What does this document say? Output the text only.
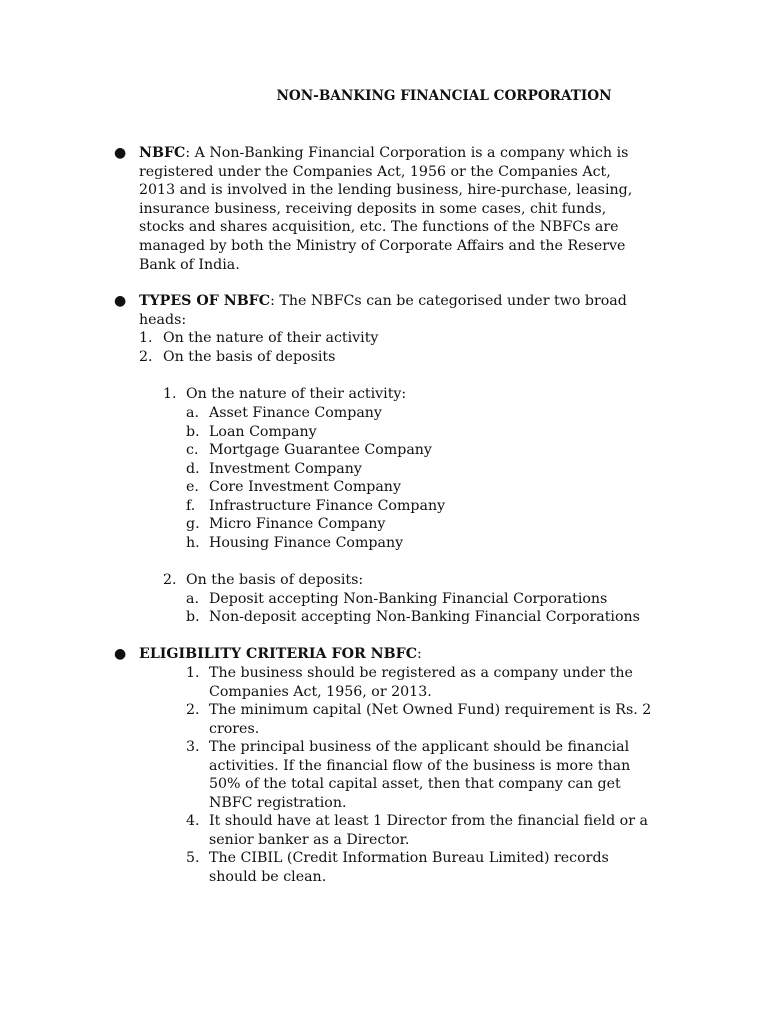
NON-BANKING FINANCIAL CORPORATION
● NBFC: A Non-Banking Financial Corporation is a company which is
registered under the Companies Act, 1956 or the Companies Act,
2013 and is involved in the lending business, hire-purchase, leasing,
insurance business, receiving deposits in some cases, chit funds,
stocks and shares acquisition, etc. The functions of the NBFCs are
managed by both the Ministry of Corporate Affairs and the Reserve
Bank of India.
● TYPES OF NBFC: The NBFCs can be categorised under two broad
heads:
1. On the nature of their activity
2. On the basis of deposits
1. On the nature of their activity:
a. Asset Finance Company
b. Loan Company
c. Mortgage Guarantee Company
d. Investment Company
e. Core Investment Company
f. Infrastructure Finance Company
g. Micro Finance Company
h. Housing Finance Company
2. On the basis of deposits:
a. Deposit accepting Non-Banking Financial Corporations
b. Non-deposit accepting Non-Banking Financial Corporations
● ELIGIBILITY CRITERIA FOR NBFC:
1. The business should be registered as a company under the
Companies Act, 1956, or 2013.
2. The minimum capital (Net Owned Fund) requirement is Rs. 2
crores.
3. The principal business of the applicant should be financial
activities. If the financial flow of the business is more than
50% of the total capital asset, then that company can get
NBFC registration.
4. It should have at least 1 Director from the financial field or a
senior banker as a Director.
5. The CIBIL (Credit Information Bureau Limited) records
should be clean.
